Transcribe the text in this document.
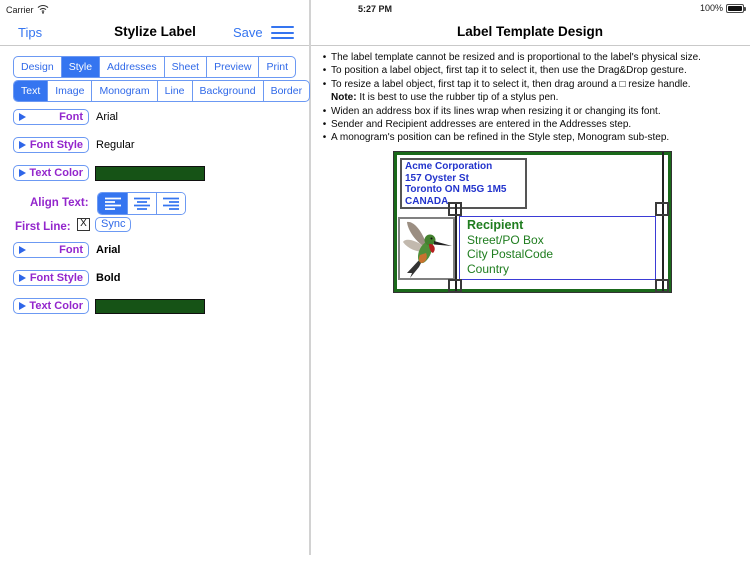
Carrier	5:27 PM	100%
Tips	Stylize Label	Save	Label Template Design
Design	Style	Addresses	Sheet	Preview	Print
Text	Image	Monogram	Line	Background	Border
Font	Arial
Font Style	Regular
Text Color
Align Text:
First Line: X	Sync
Font	Arial
Font Style	Bold
Text Color
• The label template cannot be resized and is proportional to the label's physical size.
• To position a label object, first tap it to select it, then use the Drag&Drop gesture.
• To resize a label object, first tap it to select it, then drag around a □ resize handle.
Note: It is best to use the rubber tip of a stylus pen.
• Widen an address box if its lines wrap when resizing it or changing its font.
• Sender and Recipient addresses are entered in the Addresses step.
• A monogram's position can be refined in the Style step, Monogram sub-step.
Acme Corporation
157 Oyster St
Toronto ON M5G 1M5
CANADA
Recipient
Street/PO Box
City PostalCode
Country
